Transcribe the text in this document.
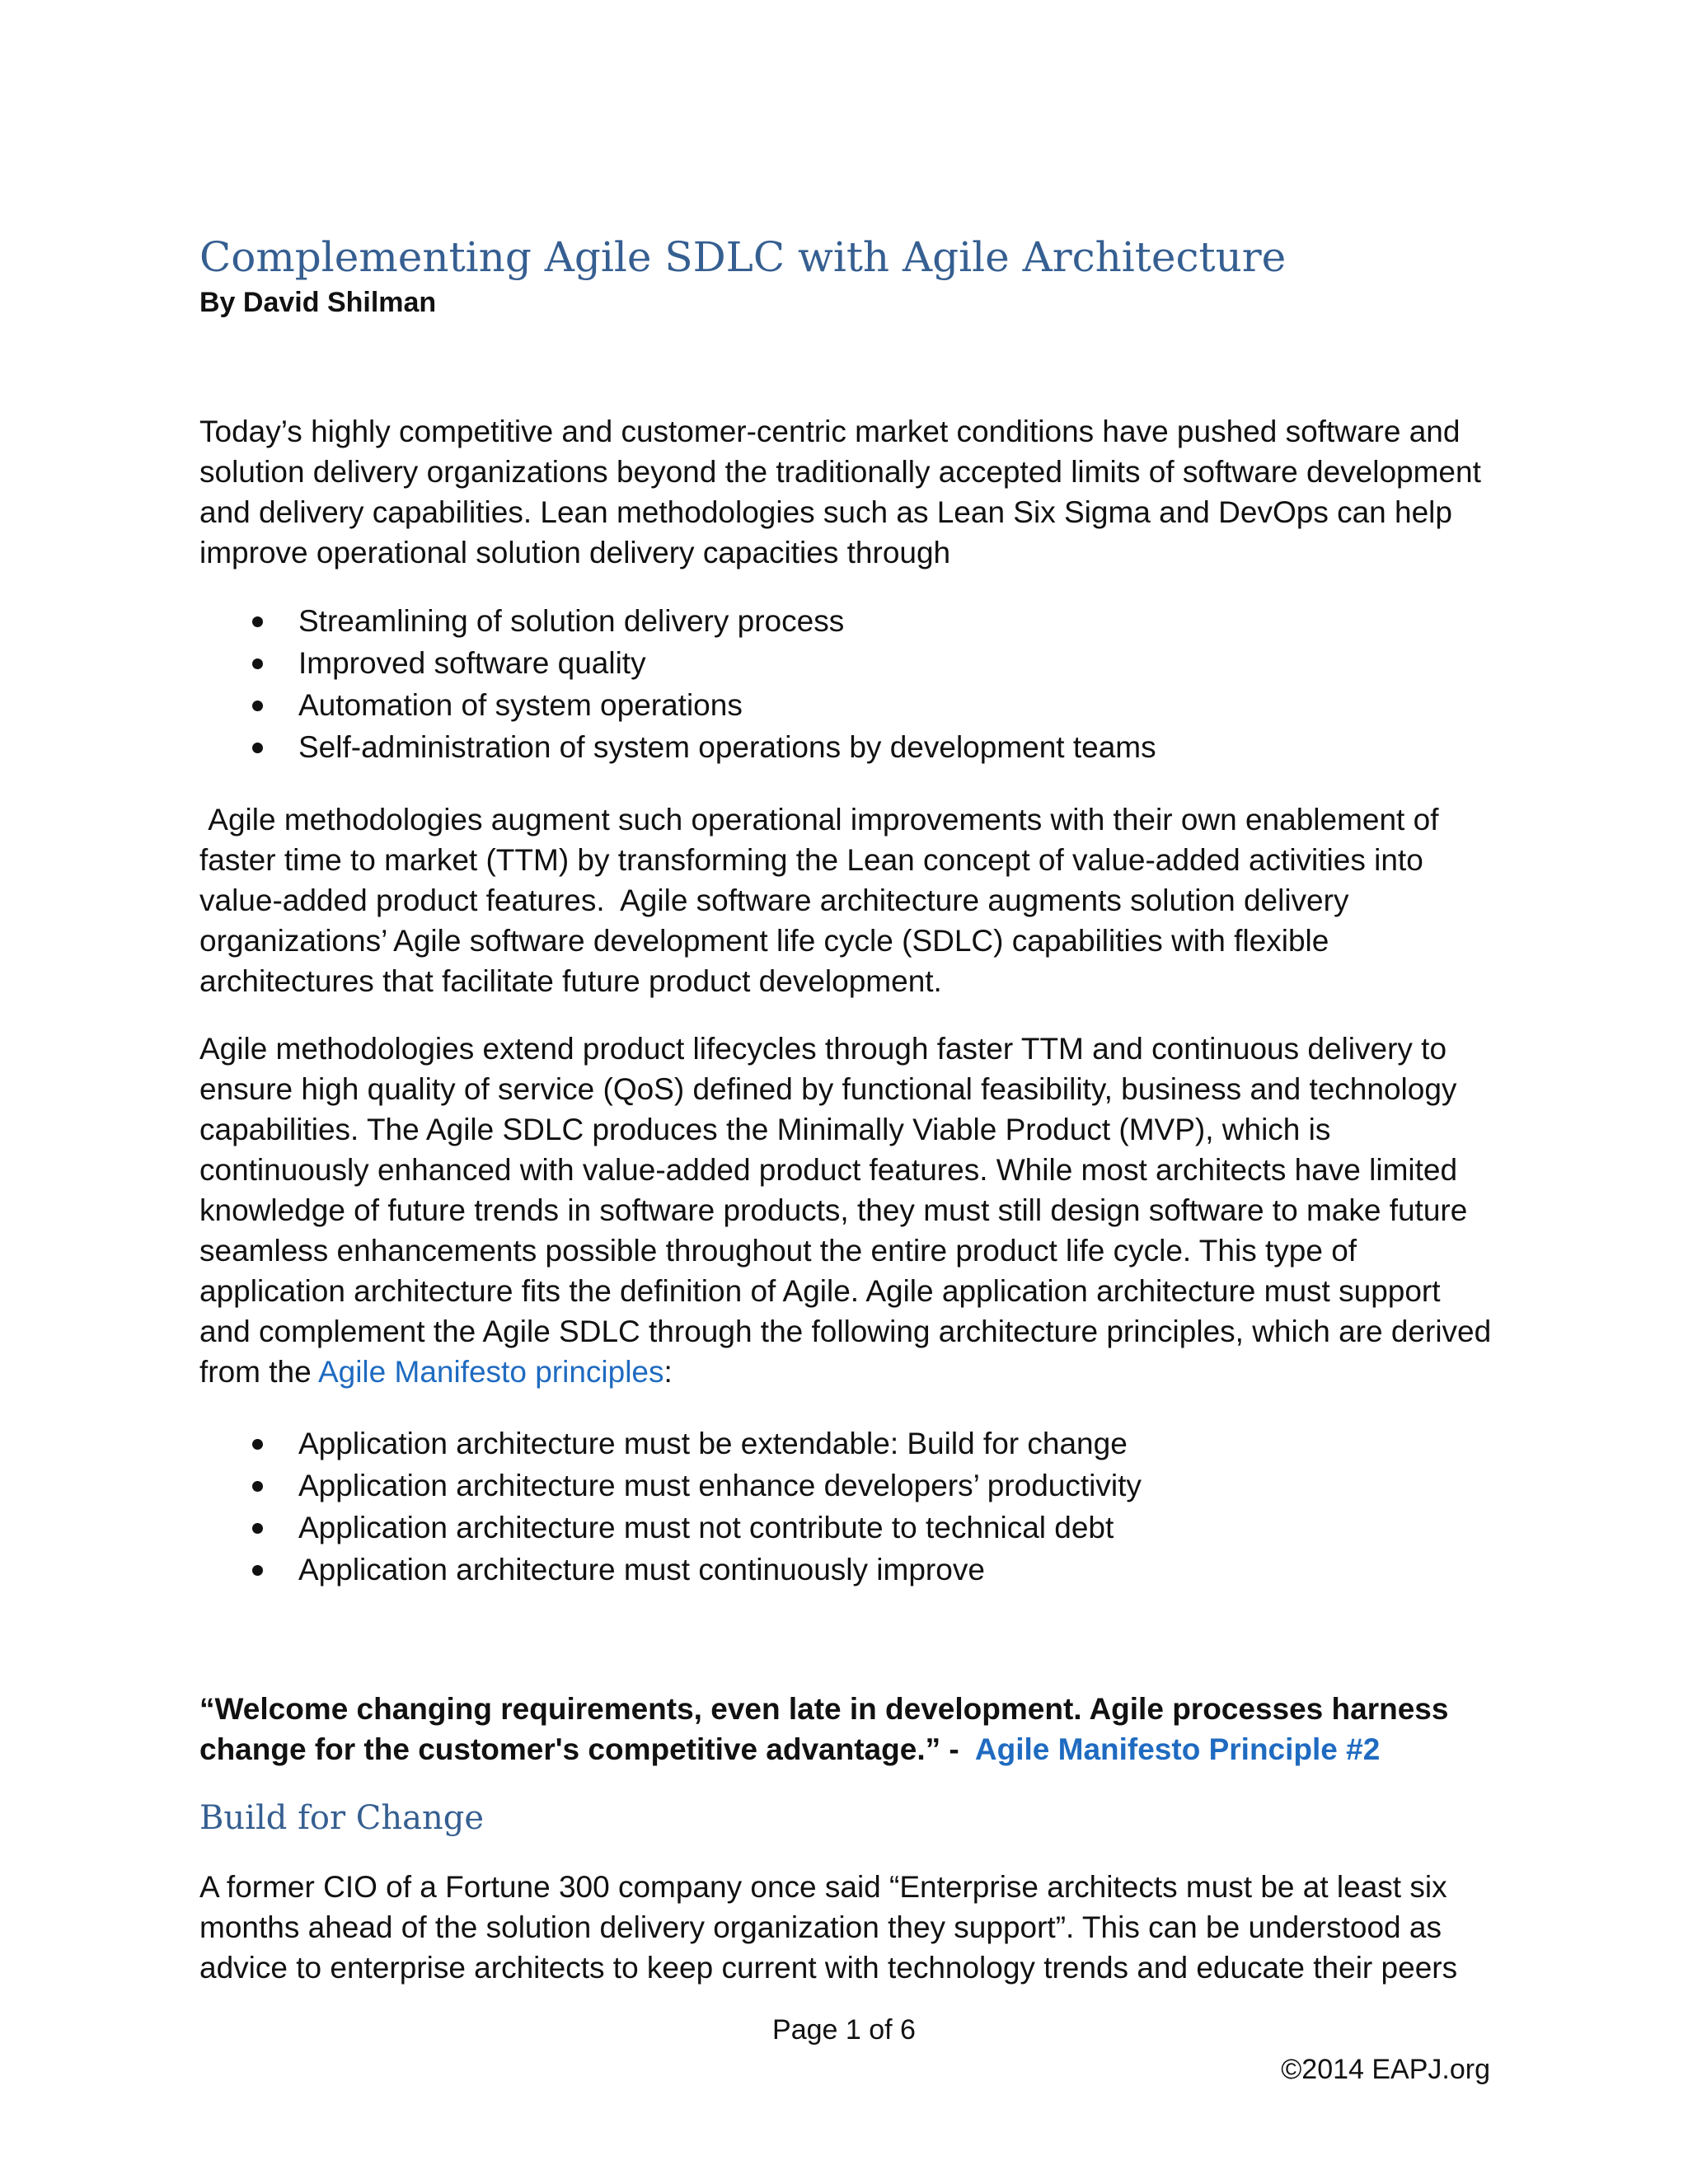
Complementing Agile SDLC with Agile Architecture
By David Shilman

Today’s highly competitive and customer-centric market conditions have pushed software and solution delivery organizations beyond the traditionally accepted limits of software development and delivery capabilities. Lean methodologies such as Lean Six Sigma and DevOps can help improve operational solution delivery capacities through

Streamlining of solution delivery process
Improved software quality
Automation of system operations
Self-administration of system operations by development teams

Agile methodologies augment such operational improvements with their own enablement of faster time to market (TTM) by transforming the Lean concept of value-added activities into value-added product features.  Agile software architecture augments solution delivery organizations’ Agile software development life cycle (SDLC) capabilities with flexible architectures that facilitate future product development.

Agile methodologies extend product lifecycles through faster TTM and continuous delivery to ensure high quality of service (QoS) defined by functional feasibility, business and technology capabilities. The Agile SDLC produces the Minimally Viable Product (MVP), which is continuously enhanced with value-added product features. While most architects have limited knowledge of future trends in software products, they must still design software to make future seamless enhancements possible throughout the entire product life cycle. This type of application architecture fits the definition of Agile. Agile application architecture must support and complement the Agile SDLC through the following architecture principles, which are derived from the Agile Manifesto principles:

Application architecture must be extendable: Build for change
Application architecture must enhance developers’ productivity
Application architecture must not contribute to technical debt
Application architecture must continuously improve
“Welcome changing requirements, even late in development. Agile processes harness change for the customer's competitive advantage.” -  Agile Manifesto Principle #2
Build for Change

A former CIO of a Fortune 300 company once said “Enterprise architects must be at least six months ahead of the solution delivery organization they support”. This can be understood as advice to enterprise architects to keep current with technology trends and educate their peers

Page 1 of 6
©2014 EAPJ.org
